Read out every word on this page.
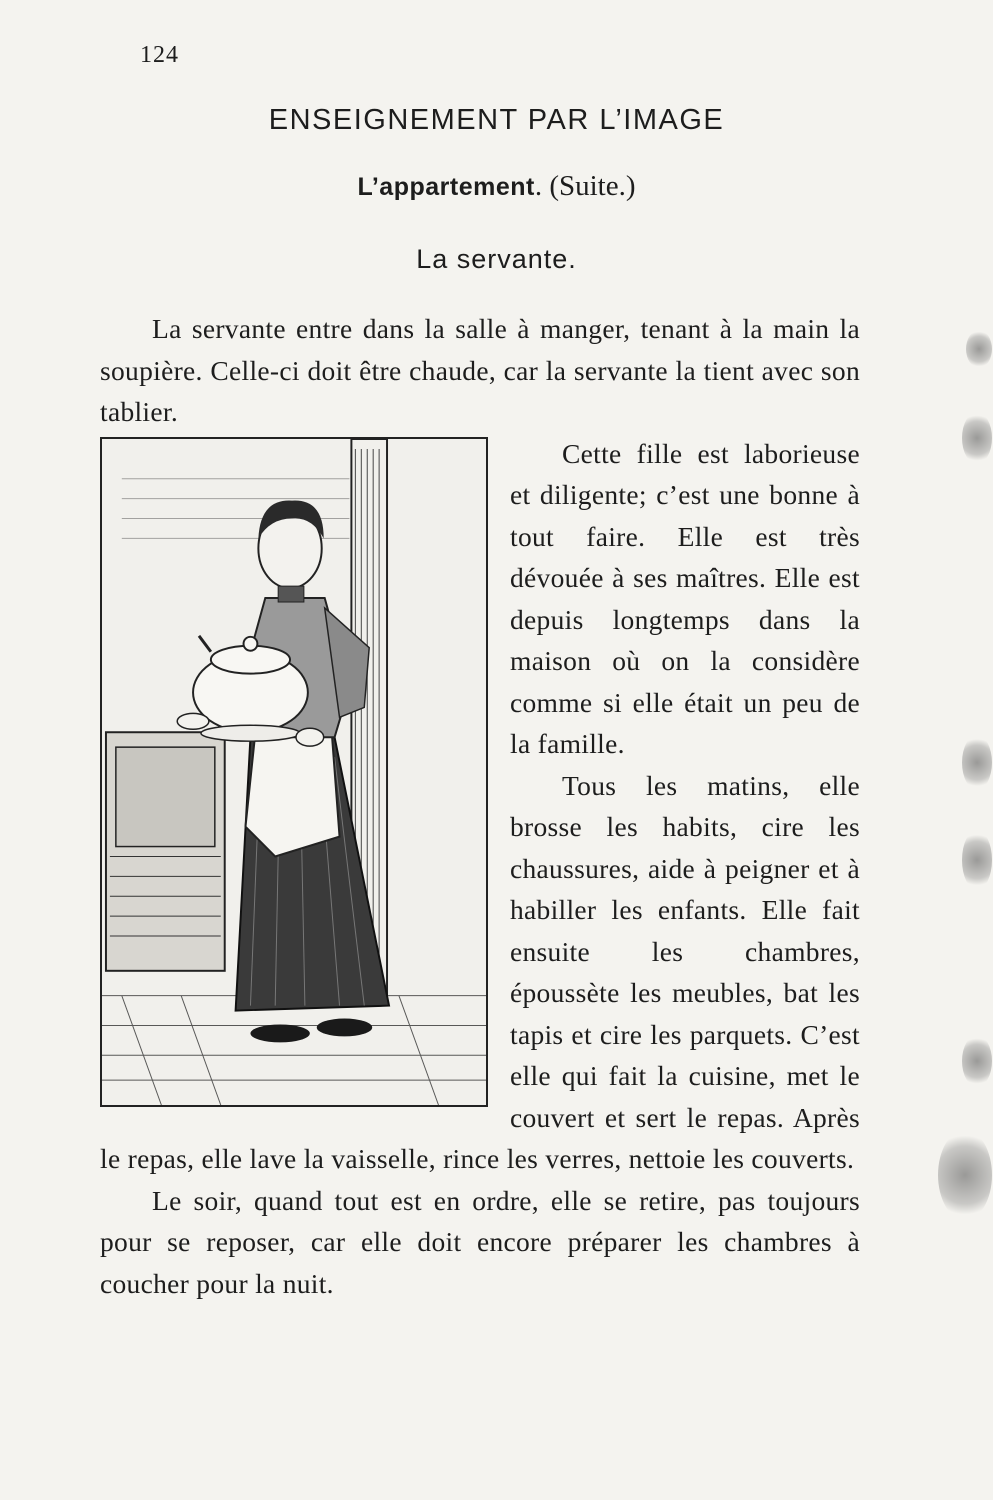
124
ENSEIGNEMENT PAR L’IMAGE
L’appartement. (Suite.)
La servante.

La servante entre dans la salle à manger, tenant à la main la soupière. Celle-ci doit être chaude, car la servante la tient avec son tablier.

Cette fille est laborieuse et diligente; c’est une bonne à tout faire. Elle est très dévouée à ses maîtres. Elle est depuis longtemps dans la maison où on la considère comme si elle était un peu de la famille.

Tous les matins, elle brosse les habits, cire les chaussures, aide à peigner et à habiller les enfants. Elle fait ensuite les chambres, époussète les meubles, bat les tapis et cire les parquets. C’est elle qui fait la cuisine, met le couvert et sert le repas. Après le repas, elle lave la vaisselle, rince les verres, nettoie les couverts.

Le soir, quand tout est en ordre, elle se retire, pas toujours pour se reposer, car elle doit encore préparer les chambres à coucher pour la nuit.
